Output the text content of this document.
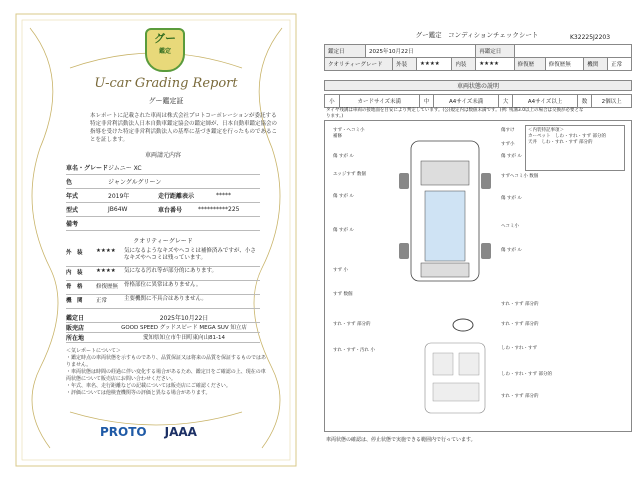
グー
鑑定
U-car Grading Report
グー鑑定証
本レポートに記載された車両は株式会社プロトコーポレーションが委託する特定非営利活動法人日本自動車鑑定協会の鑑定師が、日本自動車鑑定協会の指導を受けた特定非営利活動法人の基準に基づき鑑定を行ったものであることを証します。
車両請元内容
車名・グレード ジムニー XC
色	ジャングルグリーン
年式	2019年	走行距離表示	*****
型式	JB64W	車台番号	**********225
備考
クオリティーグレード
外　装	★★★★	気になるようなキズやヘコミは補修済みですが、小さなキズやヘコミは残っています。
内　装	★★★★	気になる汚れ等が部分的にあります。
骨　格	修復歴無	骨格部位に異常はありません。
機　関	正常	主要機関に不具合はありません。
鑑定日	2025年10月22日
販売店	GOOD SPEED グッドスピード MEGA SUV 知立店
所在地	愛知県知立市牛田町東向山81-14
＜気レポートについて＞
・鑑定時点の車両状態を示すものであり、品質保証又は将来の品質を保証するものではありません。
・車両状態は時間の経過に伴い変化する場合があるため、鑑定日をご確認の上、現在の車両状態について販売店にお問い合わせください。
・年式、車名、走行距離などの記載については販売店にご確認ください。
・評価については他検査機関等の評価と異なる場合があります。
PROTO JAAA
K32225J2203
グー鑑定　コンディションチェックシート
鑑定日	2025年10月22日				再鑑定日				
クオリティーグレード		外装	★★★★	内装	★★★★	修復歴	修復歴無	機関	正常
車両状態の説明
小	カードサイズ未満	中	A4サイズ未満	大	A4サイズ以上	数	2個以上
タイヤ残溝は車両の接地面を目安により判定しています。(公)規定内は数値未満です。(例: 残溝3.0以上の場合は交換が必要となります。)
＜内装特記事項＞
カーペット　しわ・すれ・すず 部分的
天井　しわ・すれ・すず 部分的
すず・ヘコミ小
補修
傷すけ
すず小
傷 すが ル	傷 すが ル
エッジすず 数個	すずヘコミ小 数個
傷 すが ル	傷 すが ル
傷 すが ル
ヘコミ小
すず 小
傷 すが ル
すず 数個
すれ・すず 部分的
すれ・すず 部分的	すれ・すず 部分的
すれ・すず・汚れ 小	しわ・すれ・すず
しわ・すれ・すず 部分的
すれ・すず 部分的
車両状態の確認は、停止状態で実施できる範囲内で行っています。
